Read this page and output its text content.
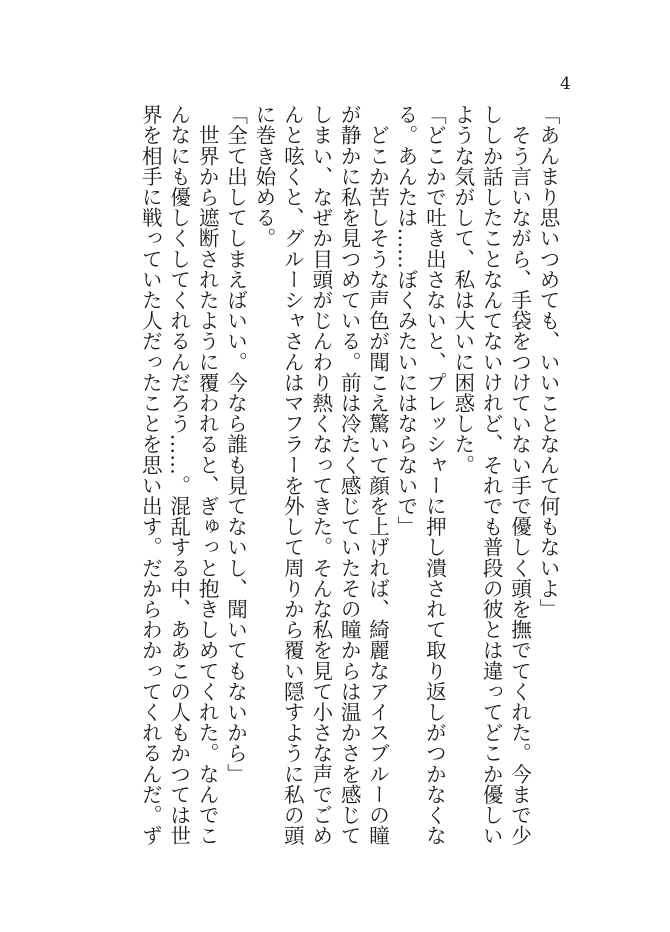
4
「あんまり思いつめても、いいことなんて何もないよ」
　そう言いながら、手袋をつけていない手で優しく頭を撫でてくれた。今まで少
ししか話したことなんてないけれど、それでも普段の彼とは違ってどこか優しい
ような気がして、私は大いに困惑した。
「どこかで吐き出さないと、プレッシャーに押し潰されて取り返しがつかなくな
る。あんたは……ぼくみたいにはならないで」
　どこか苦しそうな声色が聞こえ驚いて顔を上げれば、綺麗なアイスブルーの瞳
が静かに私を見つめている。前は冷たく感じていたその瞳からは温かさを感じて
しまい、なぜか目頭がじんわり熱くなってきた。そんな私を見て小さな声でごめ
んと呟くと、グルーシャさんはマフラーを外して周りから覆い隠すように私の頭
に巻き始める。
「全て出してしまえばいい。今なら誰も見てないし、聞いてもないから」
　世界から遮断されたように覆われると、ぎゅっと抱きしめてくれた。なんでこ
んなにも優しくしてくれるんだろう……。混乱する中、ああこの人もかつては世
界を相手に戦っていた人だったことを思い出す。だからわかってくれるんだ。ず
